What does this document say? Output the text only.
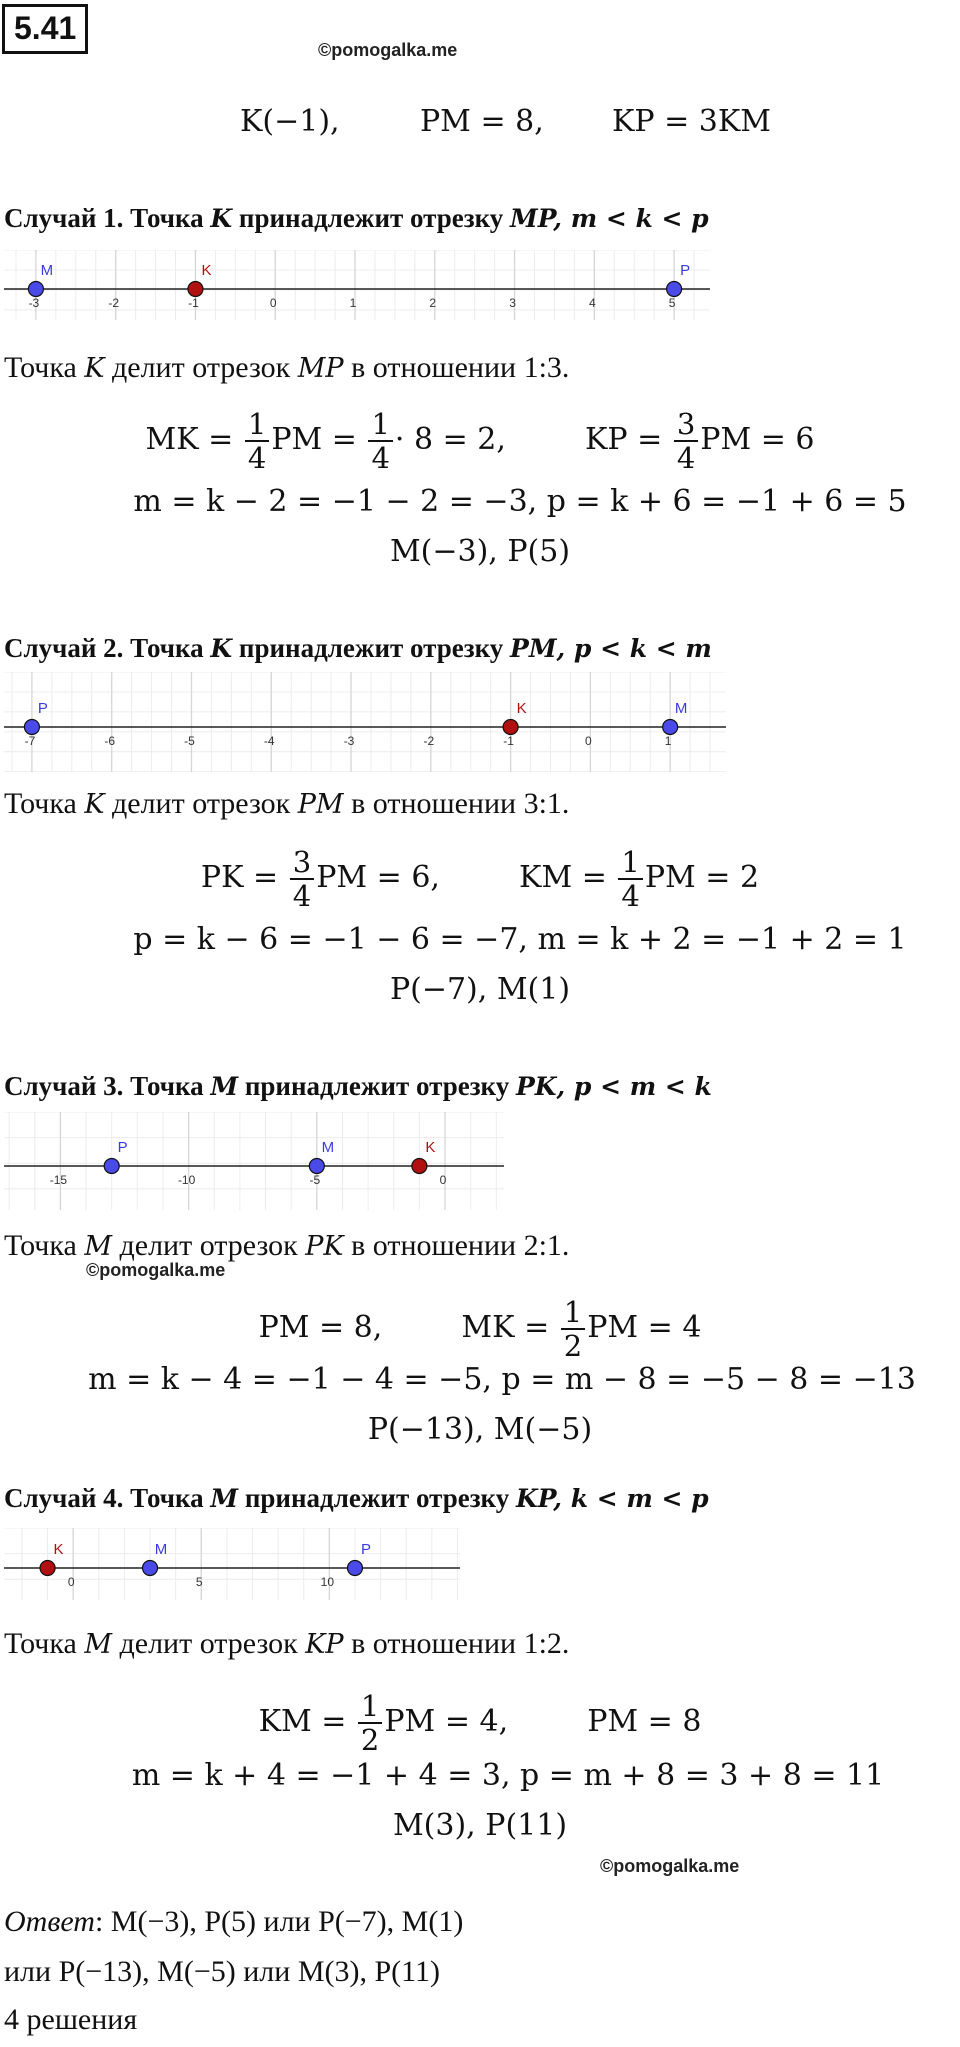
5.41
©pomogalka.me
K(−1),	PM = 8, KP = 3KM
Случай 1. Точка K принадлежит отрезку MP, m < k < p
-3	-2	-1	0	1	2	3	4	5
M	K	P
Точка K делит отрезок MP в отношении 1:3.
MK = $\frac{1}{4}$ PM = $\frac{1}{4} \cdot 8 = 2$,	KP = $\frac{3}{4}$ PM = 6
m = k − 2 = −1 − 2 = −3, p = k + 6 = −1 + 6 = 5
M(−3), P(5)
Случай 2. Точка K принадлежит отрезку PM, p < k < m
-7	-6	-5	-4	-3	-2	-1	0	1
P	K	M
Точка K делит отрезок PM в отношении 3:1.
PK = $\frac{3}{4}$ PM = 6,	KM = $\frac{1}{4}$ PM = 2
p = k − 6 = −1 − 6 = −7, m = k + 2 = −1 + 2 = 1
P(−7), M(1)
Случай 3. Точка M принадлежит отрезку PK, p < m < k
-15	-10	-5	0
P	M	K
Точка M делит отрезок PK в отношении 2:1.
©pomogalka.me
PM = 8,	MK = $\frac{1}{2}$ PM = 4
m = k − 4 = −1 − 4 = −5, p = m − 8 = −5 − 8 = −13
P(−13), M(−5)
Случай 4. Точка M принадлежит отрезку KP, k < m < p
0	5	10
K	M	P
Точка M делит отрезок KP в отношении 1:2.
KM = $\frac{1}{2}$ PM = 4,	PM = 8
m = k + 4 = −1 + 4 = 3, p = m + 8 = 3 + 8 = 11
M(3), P(11)
©pomogalka.me
Ответ: M(−3), P(5) или P(−7), M(1)
или P(−13), M(−5) или M(3), P(11)
4 решения
